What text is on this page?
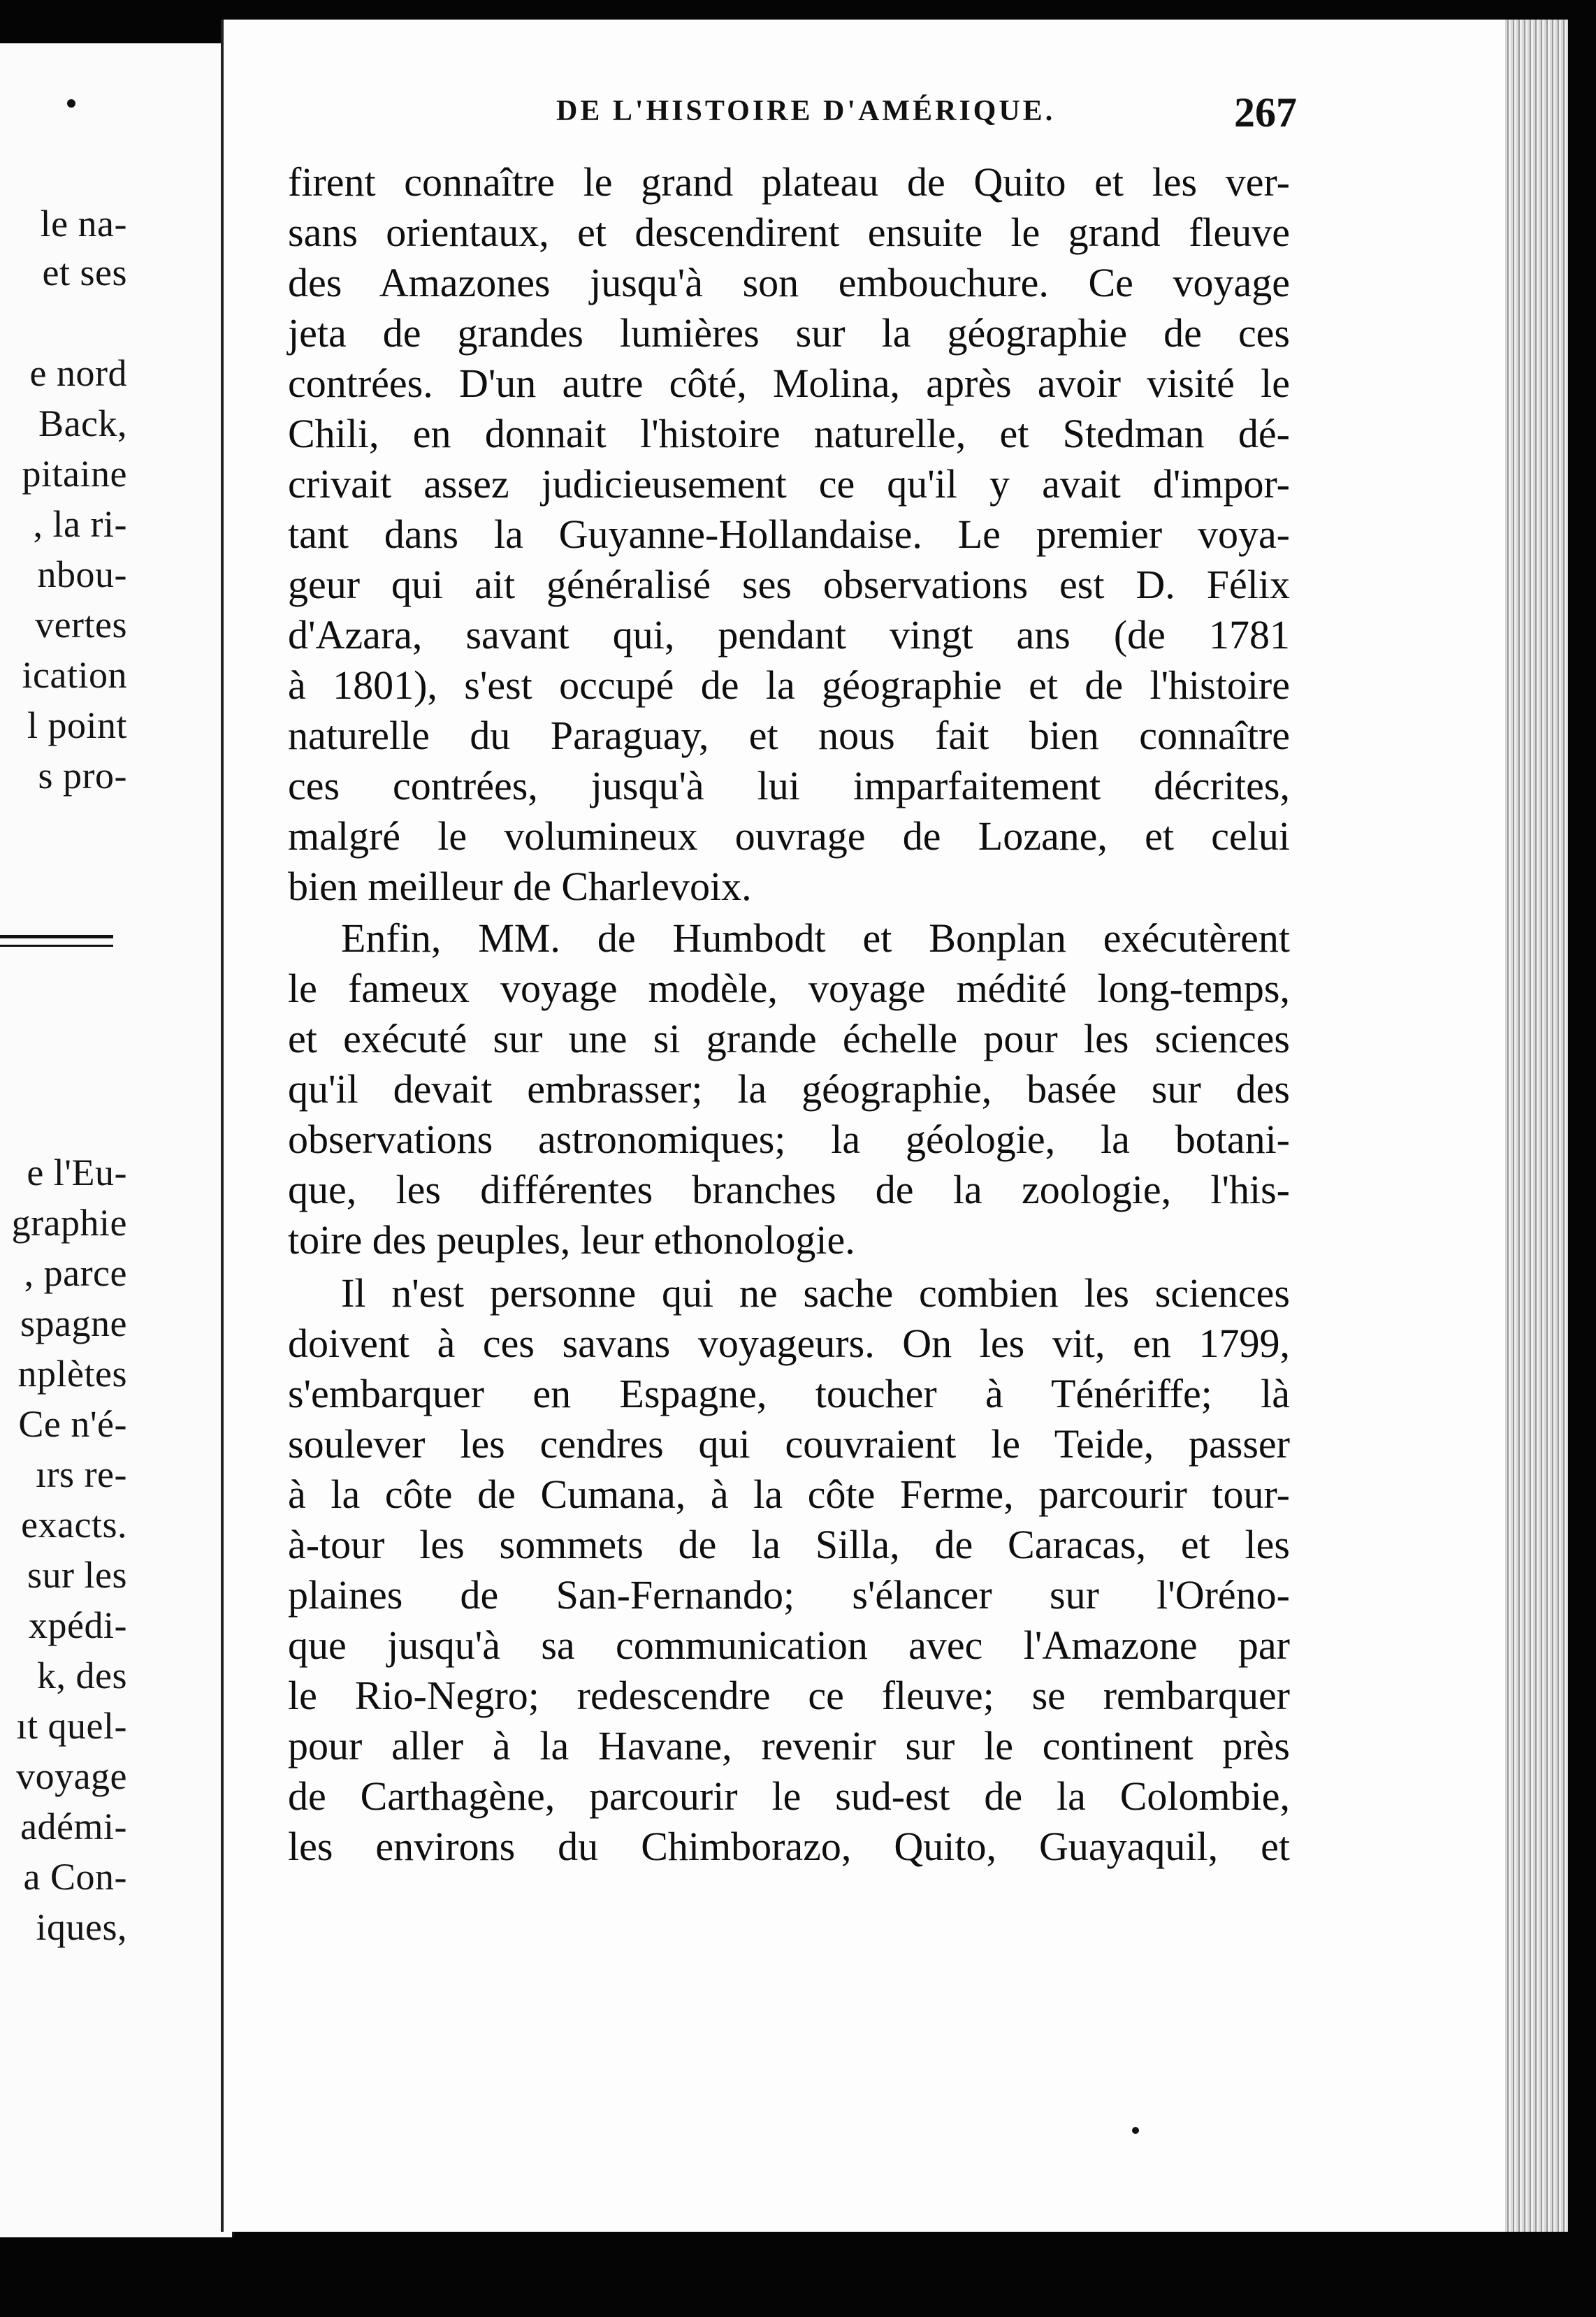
le na-
et ses
e nord
Back,
pitaine
, la ri-
nbou-
vertes
ication
l point
s pro-
e l'Eu-
graphie
, parce
spagne
nplètes
Ce n'é-
ırs re-
exacts.
sur les
xpédi-
k, des
ıt quel-
voyage
adémi-
a Con-
iques,
DE L'HISTOIRE D'AMÉRIQUE.	267
firent connaître le grand plateau de Quito et les ver-
sans orientaux, et descendirent ensuite le grand fleuve
des Amazones jusqu'à son embouchure. Ce voyage
jeta de grandes lumières sur la géographie de ces
contrées. D'un autre côté, Molina, après avoir visité le
Chili, en donnait l'histoire naturelle, et Stedman dé-
crivait assez judicieusement ce qu'il y avait d'impor-
tant dans la Guyanne-Hollandaise. Le premier voya-
geur qui ait généralisé ses observations est D. Félix
d'Azara, savant qui, pendant vingt ans (de 1781
à 1801), s'est occupé de la géographie et de l'histoire
naturelle du Paraguay, et nous fait bien connaître
ces contrées, jusqu'à lui imparfaitement décrites,
malgré le volumineux ouvrage de Lozane, et celui
bien meilleur de Charlevoix.
Enfin, MM. de Humbodt et Bonplan exécutèrent
le fameux voyage modèle, voyage médité long-temps,
et exécuté sur une si grande échelle pour les sciences
qu'il devait embrasser; la géographie, basée sur des
observations astronomiques; la géologie, la botani-
que, les différentes branches de la zoologie, l'his-
toire des peuples, leur ethonologie.
Il n'est personne qui ne sache combien les sciences
doivent à ces savans voyageurs. On les vit, en 1799,
s'embarquer en Espagne, toucher à Ténériffe; là
soulever les cendres qui couvraient le Teide, passer
à la côte de Cumana, à la côte Ferme, parcourir tour-
à-tour les sommets de la Silla, de Caracas, et les
plaines de San-Fernando; s'élancer sur l'Oréno-
que jusqu'à sa communication avec l'Amazone par
le Rio-Negro; redescendre ce fleuve; se rembarquer
pour aller à la Havane, revenir sur le continent près
de Carthagène, parcourir le sud-est de la Colombie,
les environs du Chimborazo, Quito, Guayaquil, et
